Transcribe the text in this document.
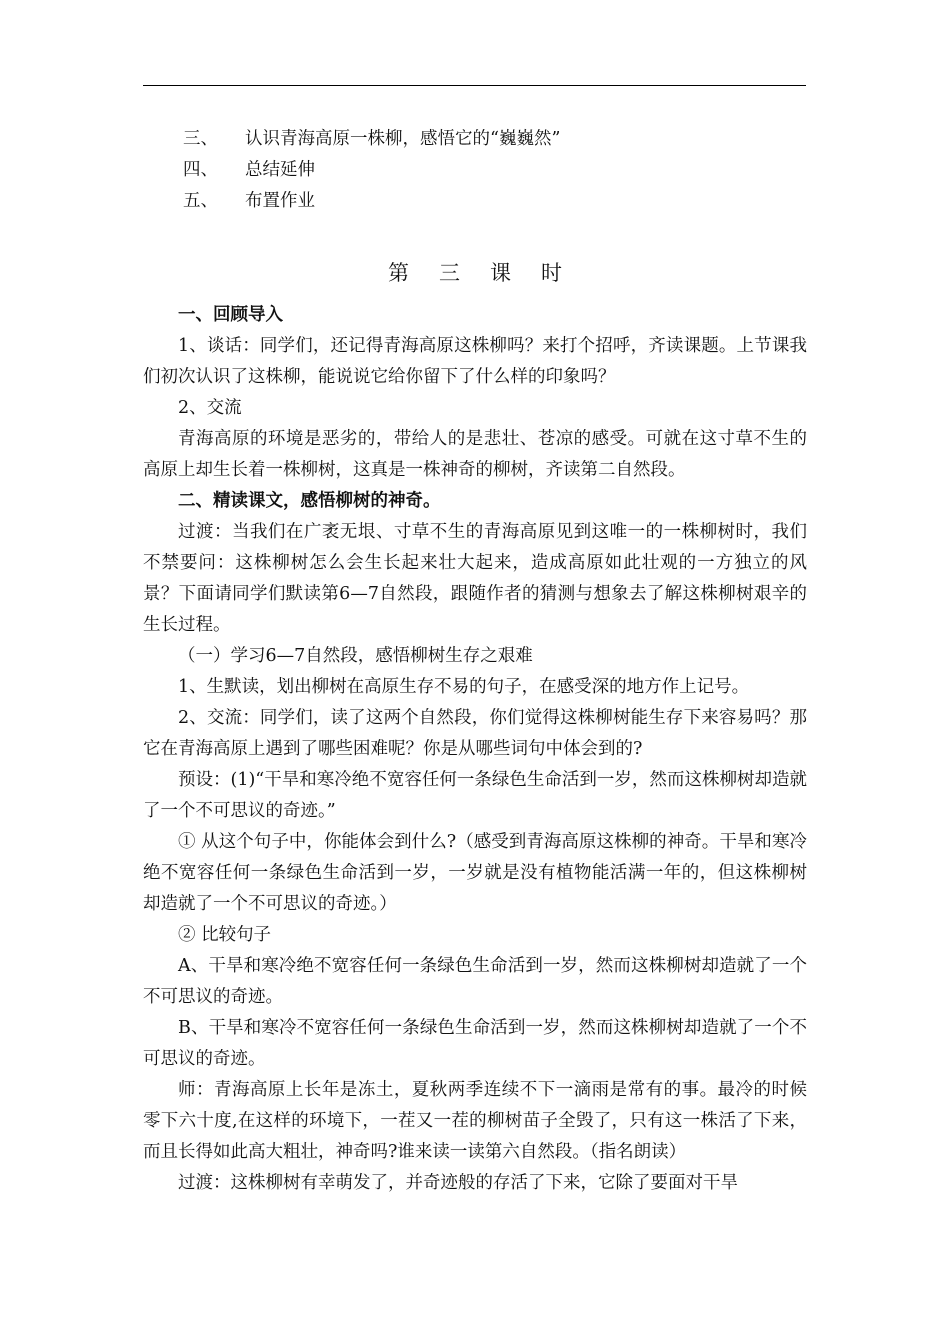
三、	认识青海高原一株柳，感悟它的“巍巍然”
四、	总结延伸
五、	布置作业
第 三 课 时

一、回顾导入

1、谈话：同学们，还记得青海高原这株柳吗？来打个招呼，齐读课题。上节课我们初次认识了这株柳，能说说它给你留下了什么样的印象吗？

2、交流

青海高原的环境是恶劣的，带给人的是悲壮、苍凉的感受。可就在这寸草不生的高原上却生长着一株柳树，这真是一株神奇的柳树，齐读第二自然段。

二、精读课文，感悟柳树的神奇。

过渡：当我们在广袤无垠、寸草不生的青海高原见到这唯一的一株柳树时，我们不禁要问：这株柳树怎么会生长起来壮大起来，造成高原如此壮观的一方独立的风景？下面请同学们默读第6—7自然段，跟随作者的猜测与想象去了解这株柳树艰辛的生长过程。

（一）学习6—7自然段，感悟柳树生存之艰难

1、生默读，划出柳树在高原生存不易的句子，在感受深的地方作上记号。

2、交流：同学们，读了这两个自然段，你们觉得这株柳树能生存下来容易吗？那它在青海高原上遇到了哪些困难呢？你是从哪些词句中体会到的?

预设：(1)“干旱和寒冷绝不宽容任何一条绿色生命活到一岁，然而这株柳树却造就了一个不可思议的奇迹。”

① 从这个句子中，你能体会到什么?（感受到青海高原这株柳的神奇。干旱和寒冷绝不宽容任何一条绿色生命活到一岁，一岁就是没有植物能活满一年的，但这株柳树却造就了一个不可思议的奇迹。）

② 比较句子

A、干旱和寒冷绝不宽容任何一条绿色生命活到一岁，然而这株柳树却造就了一个不可思议的奇迹。

B、干旱和寒冷不宽容任何一条绿色生命活到一岁，然而这株柳树却造就了一个不可思议的奇迹。

师：青海高原上长年是冻土，夏秋两季连续不下一滴雨是常有的事。最冷的时候零下六十度,在这样的环境下，一茬又一茬的柳树苗子全毁了，只有这一株活了下来，而且长得如此高大粗壮，神奇吗?谁来读一读第六自然段。（指名朗读）

过渡：这株柳树有幸萌发了，并奇迹般的存活了下来，它除了要面对干旱
